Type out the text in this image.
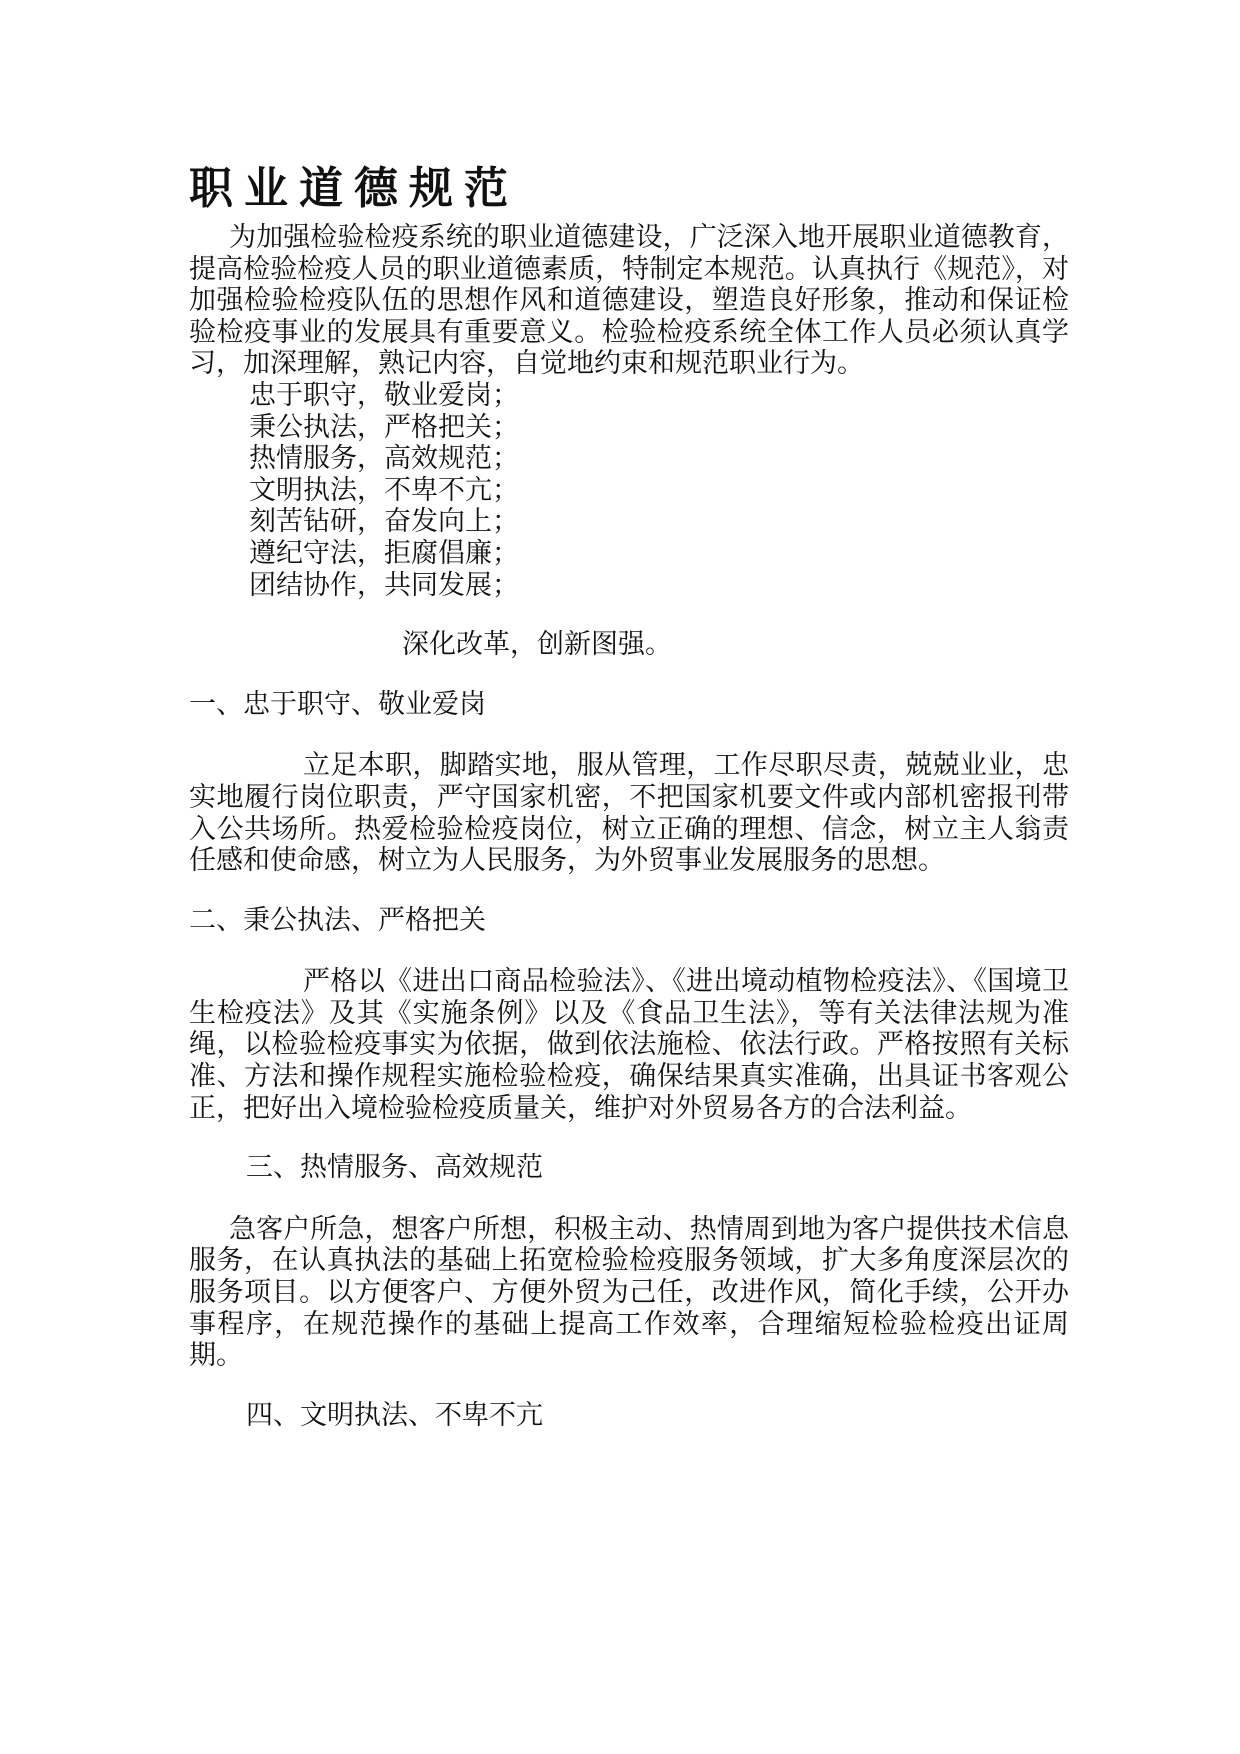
职业道德规范

为加强检验检疫系统的职业道德建设，广泛深入地开展职业道德教育，提高检验检疫人员的职业道德素质，特制定本规范。认真执行《规范》，对加强检验检疫队伍的思想作风和道德建设，塑造良好形象，推动和保证检验检疫事业的发展具有重要意义。检验检疫系统全体工作人员必须认真学习，加深理解，熟记内容，自觉地约束和规范职业行为。

忠于职守，敬业爱岗；
秉公执法，严格把关；
热情服务，高效规范；
文明执法，不卑不亢；
刻苦钻研，奋发向上；
遵纪守法，拒腐倡廉；
团结协作，共同发展；

深化改革，创新图强。

一、忠于职守、敬业爱岗

立足本职，脚踏实地，服从管理，工作尽职尽责，兢兢业业，忠实地履行岗位职责，严守国家机密，不把国家机要文件或内部机密报刊带入公共场所。热爱检验检疫岗位，树立正确的理想、信念，树立主人翁责任感和使命感，树立为人民服务，为外贸事业发展服务的思想。

二、秉公执法、严格把关

严格以《进出口商品检验法》、《进出境动植物检疫法》、《国境卫生检疫法》及其《实施条例》以及《食品卫生法》，等有关法律法规为准绳，以检验检疫事实为依据，做到依法施检、依法行政。严格按照有关标准、方法和操作规程实施检验检疫，确保结果真实准确，出具证书客观公正，把好出入境检验检疫质量关，维护对外贸易各方的合法利益。

三、热情服务、高效规范

急客户所急，想客户所想，积极主动、热情周到地为客户提供技术信息服务，在认真执法的基础上拓宽检验检疫服务领域，扩大多角度深层次的服务项目。以方便客户、方便外贸为己任，改进作风，简化手续，公开办事程序，在规范操作的基础上提高工作效率，合理缩短检验检疫出证周期。

四、文明执法、不卑不亢
